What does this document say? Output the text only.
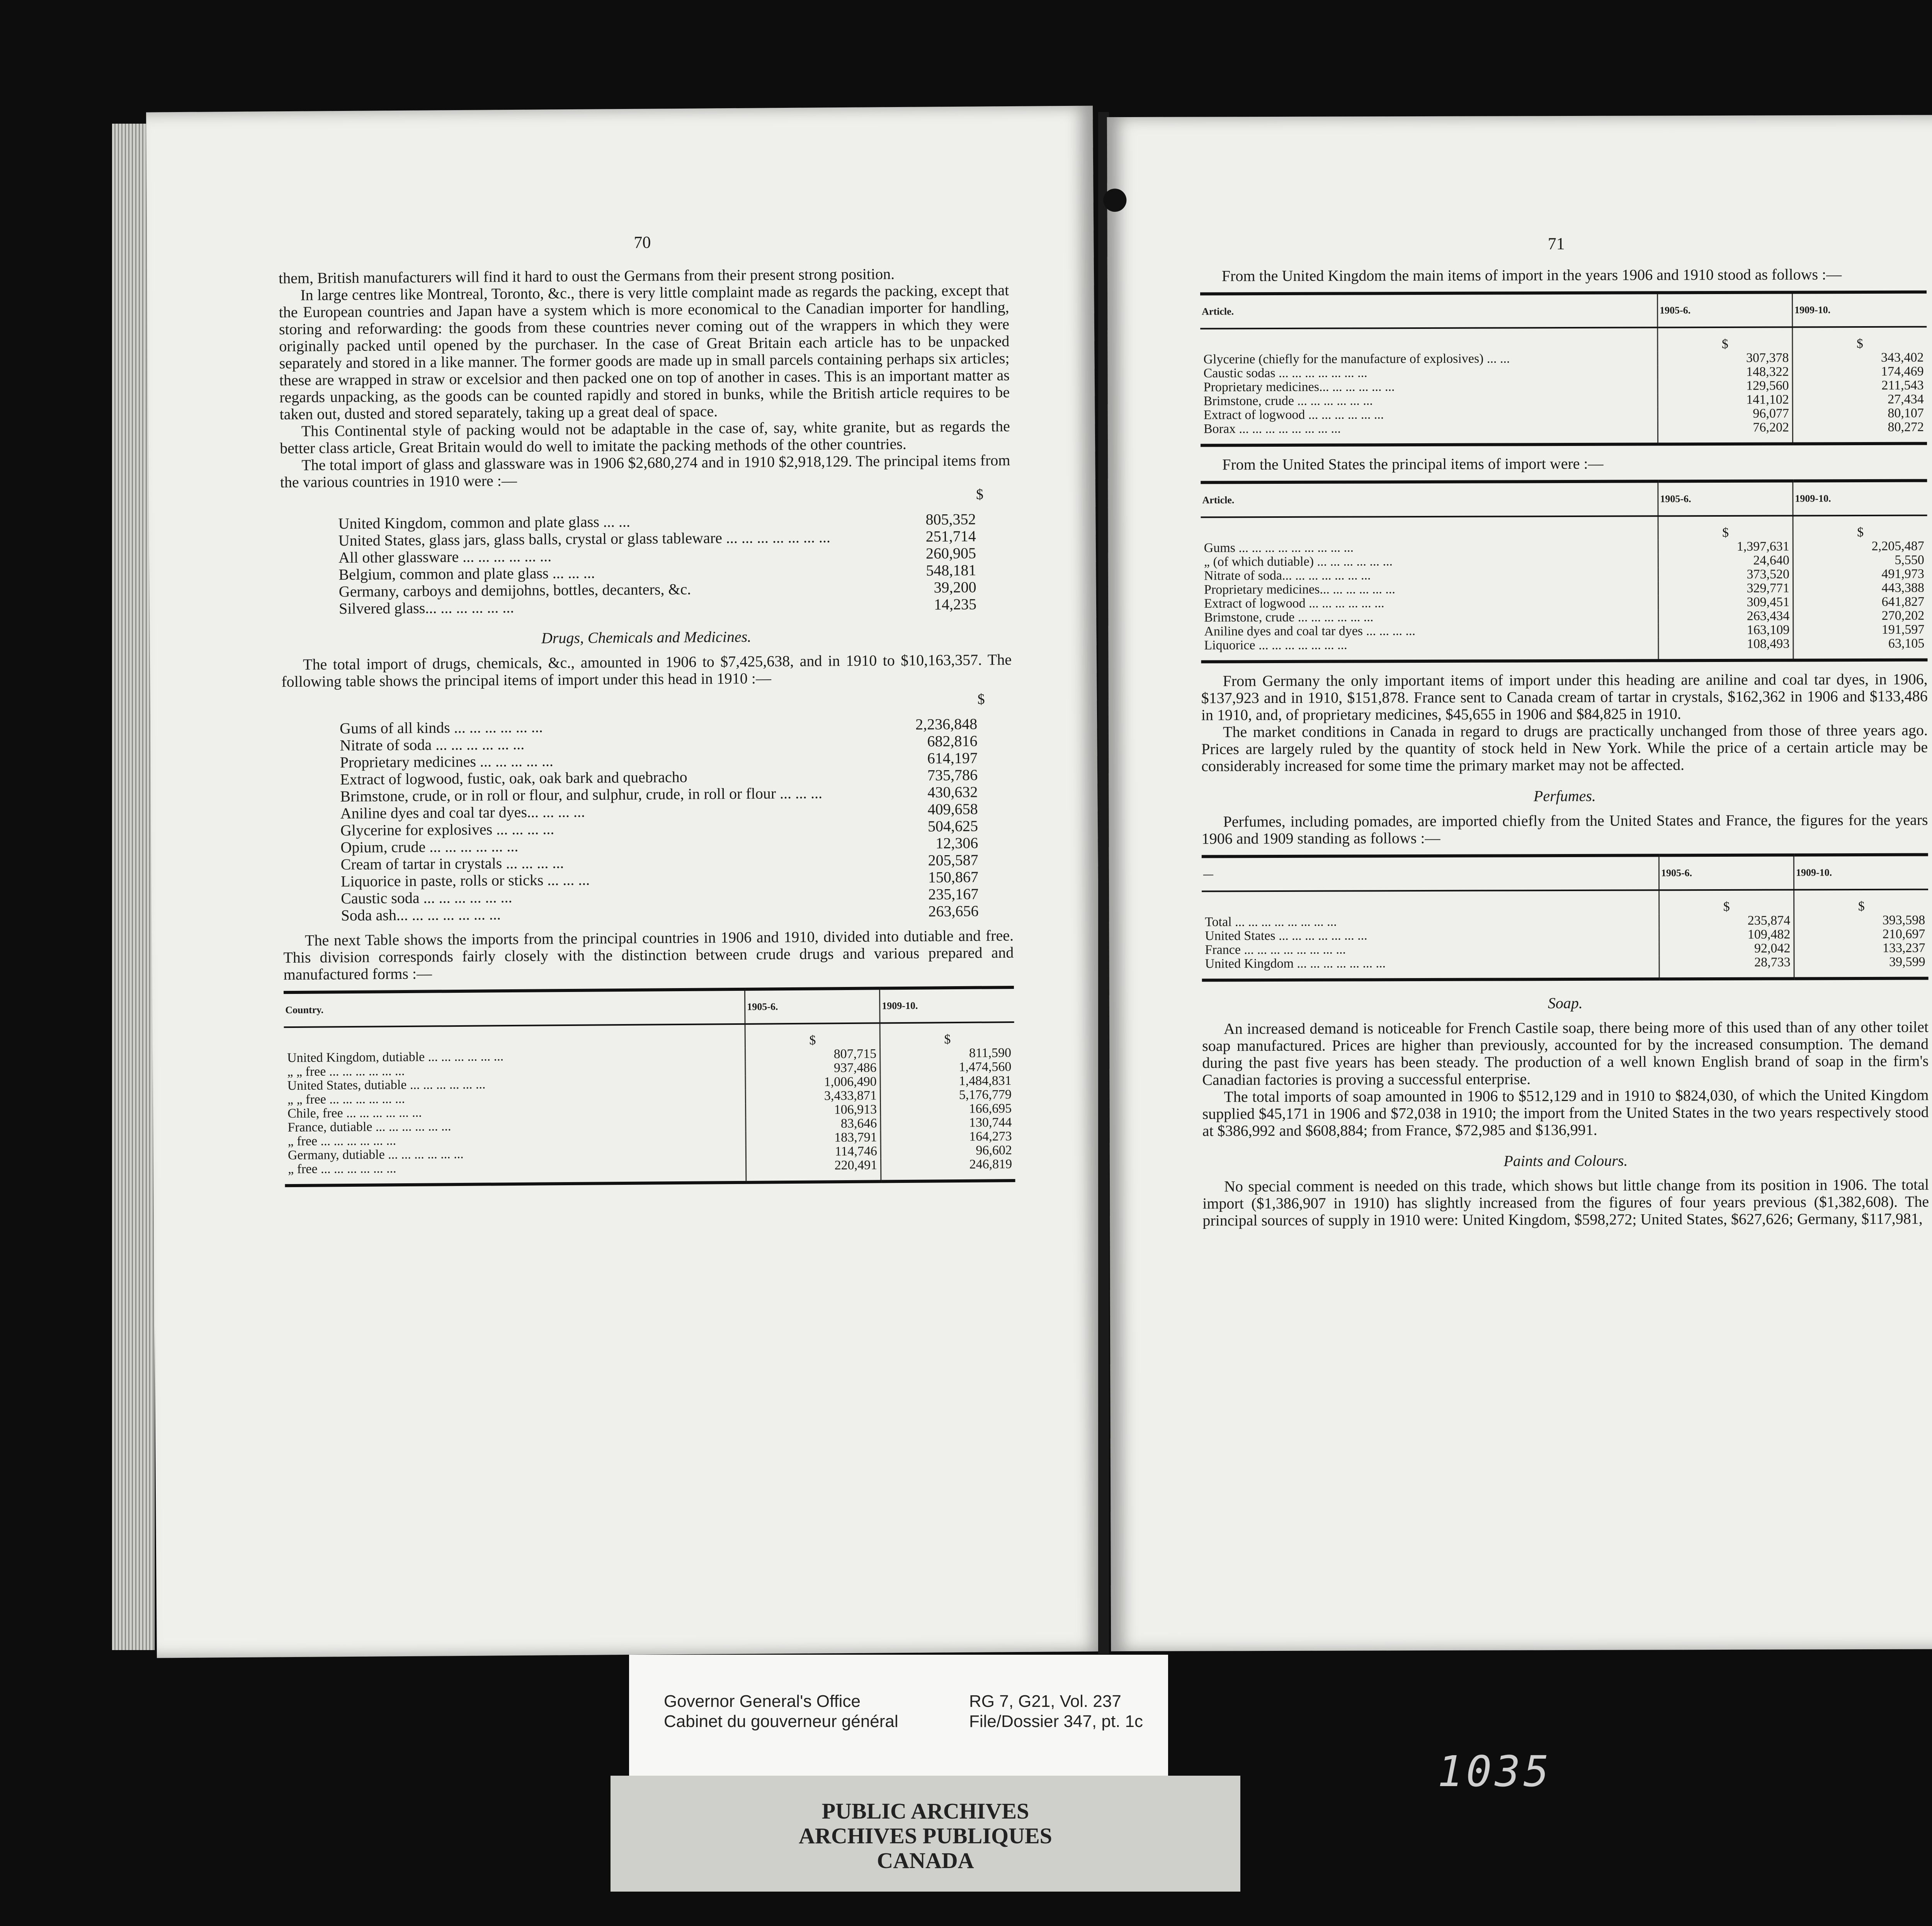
70

them, British manufacturers will find it hard to oust the Germans from their present strong position.

In large centres like Montreal, Toronto, &c., there is very little complaint made as regards the packing, except that the European countries and Japan have a system which is more economical to the Canadian importer for handling, storing and reforwarding: the goods from these countries never coming out of the wrappers in which they were originally packed until opened by the purchaser. In the case of Great Britain each article has to be unpacked separately and stored in a like manner. The former goods are made up in small parcels containing perhaps six articles; these are wrapped in straw or excelsior and then packed one on top of another in cases. This is an important matter as regards unpacking, as the goods can be counted rapidly and stored in bunks, while the British article requires to be taken out, dusted and stored separately, taking up a great deal of space.

This Continental style of packing would not be adaptable in the case of, say, white granite, but as regards the better class article, Great Britain would do well to imitate the packing methods of the other countries.

The total import of glass and glassware was in 1906 $2,680,274 and in 1910 $2,918,129. The principal items from the various countries in 1910 were :—

$
United Kingdom, common and plate glass ... ...	805,352
United States, glass jars, glass balls, crystal or glass tableware ... ... ... ... ... ... ...	251,714
All other glassware ... ... ... ... ... ...	260,905
Belgium, common and plate glass ... ... ...	548,181
Germany, carboys and demijohns, bottles, decanters, &c.	39,200
Silvered glass... ... ... ... ... ...	14,235
Drugs, Chemicals and Medicines.

The total import of drugs, chemicals, &c., amounted in 1906 to $7,425,638, and in 1910 to $10,163,357. The following table shows the principal items of import under this head in 1910 :—

$
Gums of all kinds ... ... ... ... ... ...	2,236,848
Nitrate of soda ... ... ... ... ... ...	682,816
Proprietary medicines ... ... ... ... ...	614,197
Extract of logwood, fustic, oak, oak bark and quebracho	735,786
Brimstone, crude, or in roll or flour, and sulphur, crude, in roll or flour ... ... ...	430,632
Aniline dyes and coal tar dyes... ... ... ...	409,658
Glycerine for explosives ... ... ... ...	504,625
Opium, crude ... ... ... ... ... ...	12,306
Cream of tartar in crystals ... ... ... ...	205,587
Liquorice in paste, rolls or sticks ... ... ...	150,867
Caustic soda ... ... ... ... ... ...	235,167
Soda ash... ... ... ... ... ... ...	263,656

The next Table shows the imports from the principal countries in 1906 and 1910, divided into dutiable and free. This division corresponds fairly closely with the distinction between crude drugs and various prepared and manufactured forms :—

Country.	1905-6.	1909-10.
	$	$
United Kingdom, dutiable ... ... ... ... ... ...	807,715	811,590
„ „ free ... ... ... ... ... ...	937,486	1,474,560
United States, dutiable ... ... ... ... ... ...	1,006,490	1,484,831
„ „ free ... ... ... ... ... ...	3,433,871	5,176,779
Chile, free ... ... ... ... ... ...	106,913	166,695
France, dutiable ... ... ... ... ... ...	83,646	130,744
„ free ... ... ... ... ... ...	183,791	164,273
Germany, dutiable ... ... ... ... ... ...	114,746	96,602
„ free ... ... ... ... ... ...	220,491	246,819
71

From the United Kingdom the main items of import in the years 1906 and 1910 stood as follows :—

Article.	1905-6.	1909-10.
	$	$
Glycerine (chiefly for the manufacture of explosives) ... ...	307,378	343,402
Caustic sodas ... ... ... ... ... ... ...	148,322	174,469
Proprietary medicines... ... ... ... ... ...	129,560	211,543
Brimstone, crude ... ... ... ... ... ...	141,102	27,434
Extract of logwood ... ... ... ... ... ...	96,077	80,107
Borax ... ... ... ... ... ... ... ...	76,202	80,272

From the United States the principal items of import were :—

Article.	1905-6.	1909-10.
	$	$
Gums ... ... ... ... ... ... ... ... ...	1,397,631	2,205,487
„ (of which dutiable) ... ... ... ... ... ...	24,640	5,550
Nitrate of soda... ... ... ... ... ... ...	373,520	491,973
Proprietary medicines... ... ... ... ... ...	329,771	443,388
Extract of logwood ... ... ... ... ... ...	309,451	641,827
Brimstone, crude ... ... ... ... ... ...	263,434	270,202
Aniline dyes and coal tar dyes ... ... ... ...	163,109	191,597
Liquorice ... ... ... ... ... ... ...	108,493	63,105

From Germany the only important items of import under this heading are aniline and coal tar dyes, in 1906, $137,923 and in 1910, $151,878. France sent to Canada cream of tartar in crystals, $162,362 in 1906 and $133,486 in 1910, and, of proprietary medicines, $45,655 in 1906 and $84,825 in 1910.

The market conditions in Canada in regard to drugs are practically unchanged from those of three years ago. Prices are largely ruled by the quantity of stock held in New York. While the price of a certain article may be considerably increased for some time the primary market may not be affected.

Perfumes.

Perfumes, including pomades, are imported chiefly from the United States and France, the figures for the years 1906 and 1909 standing as follows :—

—	1905-6.	1909-10.
	$	$
Total ... ... ... ... ... ... ... ...	235,874	393,598
United States ... ... ... ... ... ... ...	109,482	210,697
France ... ... ... ... ... ... ... ...	92,042	133,237
United Kingdom ... ... ... ... ... ... ...	28,733	39,599
Soap.

An increased demand is noticeable for French Castile soap, there being more of this used than of any other toilet soap manufactured. Prices are higher than previously, accounted for by the increased consumption. The demand during the past five years has been steady. The production of a well known English brand of soap in the firm's Canadian factories is proving a successful enterprise.

The total imports of soap amounted in 1906 to $512,129 and in 1910 to $824,030, of which the United Kingdom supplied $45,171 in 1906 and $72,038 in 1910; the import from the United States in the two years respectively stood at $386,992 and $608,884; from France, $72,985 and $136,991.

Paints and Colours.

No special comment is needed on this trade, which shows but little change from its position in 1906. The total import ($1,386,907 in 1910) has slightly increased from the figures of four years previous ($1,382,608). The principal sources of supply in 1910 were: United Kingdom, $598,272; United States, $627,626; Germany, $117,981,

Governor General's Office
Cabinet du gouverneur général
RG 7, G21, Vol. 237
File/Dossier 347, pt. 1c
PUBLIC ARCHIVES
ARCHIVES PUBLIQUES
CANADA
1035
